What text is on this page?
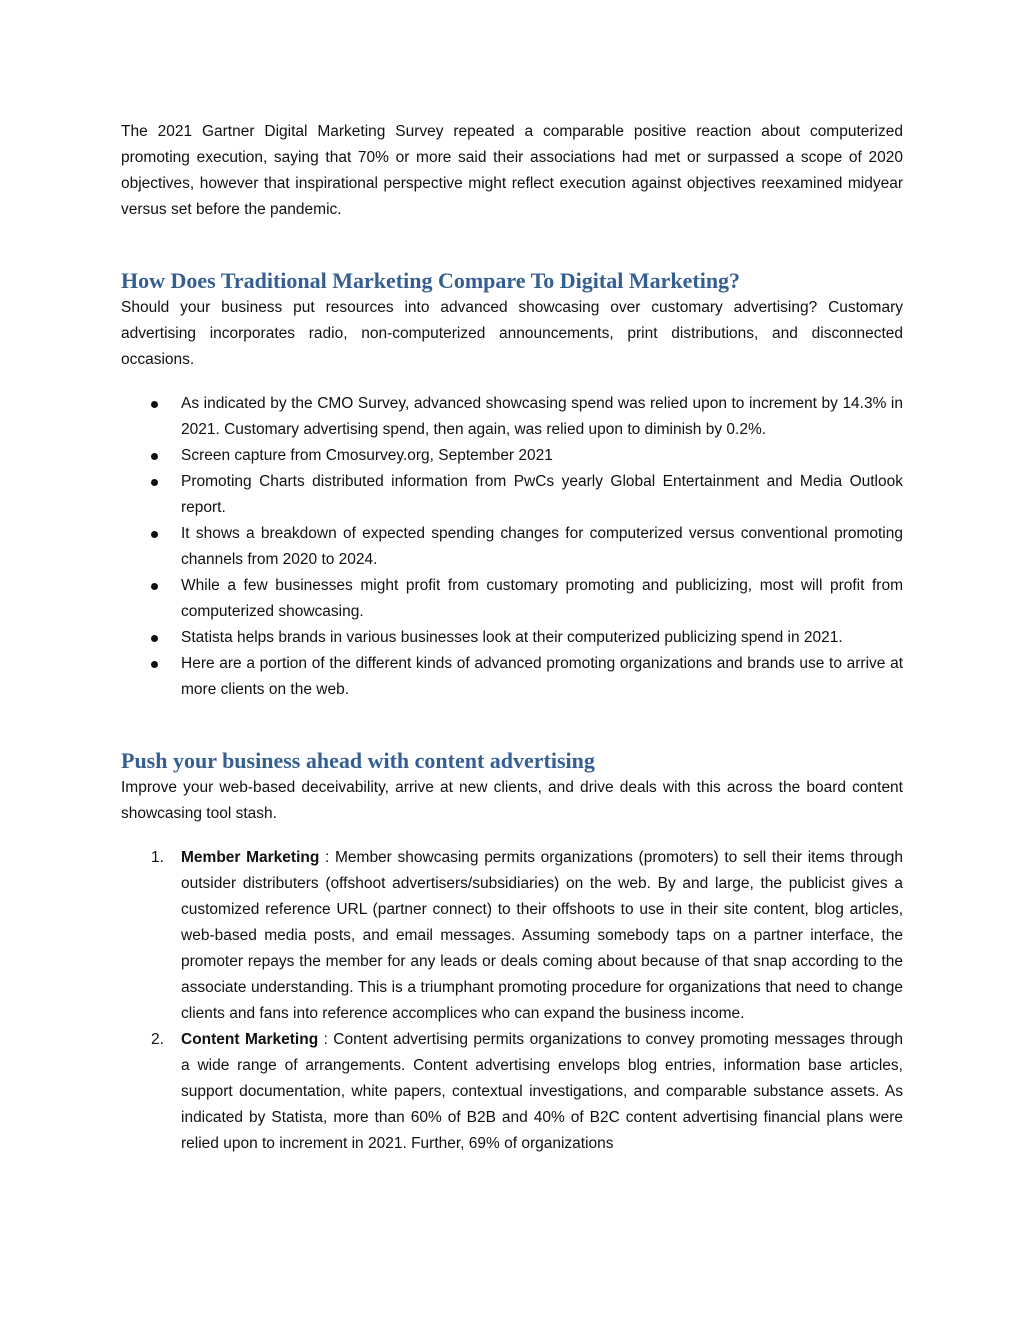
The 2021 Gartner Digital Marketing Survey repeated a comparable positive reaction about computerized promoting execution, saying that 70% or more said their associations had met or surpassed a scope of 2020 objectives, however that inspirational perspective might reflect execution against objectives reexamined midyear versus set before the pandemic.

How Does Traditional Marketing Compare To Digital Marketing?

Should your business put resources into advanced showcasing over customary advertising? Customary advertising incorporates radio, non-computerized announcements, print distributions, and disconnected occasions.

As indicated by the CMO Survey, advanced showcasing spend was relied upon to increment by 14.3% in 2021. Customary advertising spend, then again, was relied upon to diminish by 0.2%.
Screen capture from Cmosurvey.org, September 2021
Promoting Charts distributed information from PwCs yearly Global Entertainment and Media Outlook report.
It shows a breakdown of expected spending changes for computerized versus conventional promoting channels from 2020 to 2024.
While a few businesses might profit from customary promoting and publicizing, most will profit from computerized showcasing.
Statista helps brands in various businesses look at their computerized publicizing spend in 2021.
Here are a portion of the different kinds of advanced promoting organizations and brands use to arrive at more clients on the web.
Push your business ahead with content advertising

Improve your web-based deceivability, arrive at new clients, and drive deals with this across the board content showcasing tool stash.

1. Member Marketing : Member showcasing permits organizations (promoters) to sell their items through outsider distributers (offshoot advertisers/subsidiaries) on the web. By and large, the publicist gives a customized reference URL (partner connect) to their offshoots to use in their site content, blog articles, web-based media posts, and email messages. Assuming somebody taps on a partner interface, the promoter repays the member for any leads or deals coming about because of that snap according to the associate understanding. This is a triumphant promoting procedure for organizations that need to change clients and fans into reference accomplices who can expand the business income.
2. Content Marketing : Content advertising permits organizations to convey promoting messages through a wide range of arrangements. Content advertising envelops blog entries, information base articles, support documentation, white papers, contextual investigations, and comparable substance assets. As indicated by Statista, more than 60% of B2B and 40% of B2C content advertising financial plans were relied upon to increment in 2021. Further, 69% of organizations
